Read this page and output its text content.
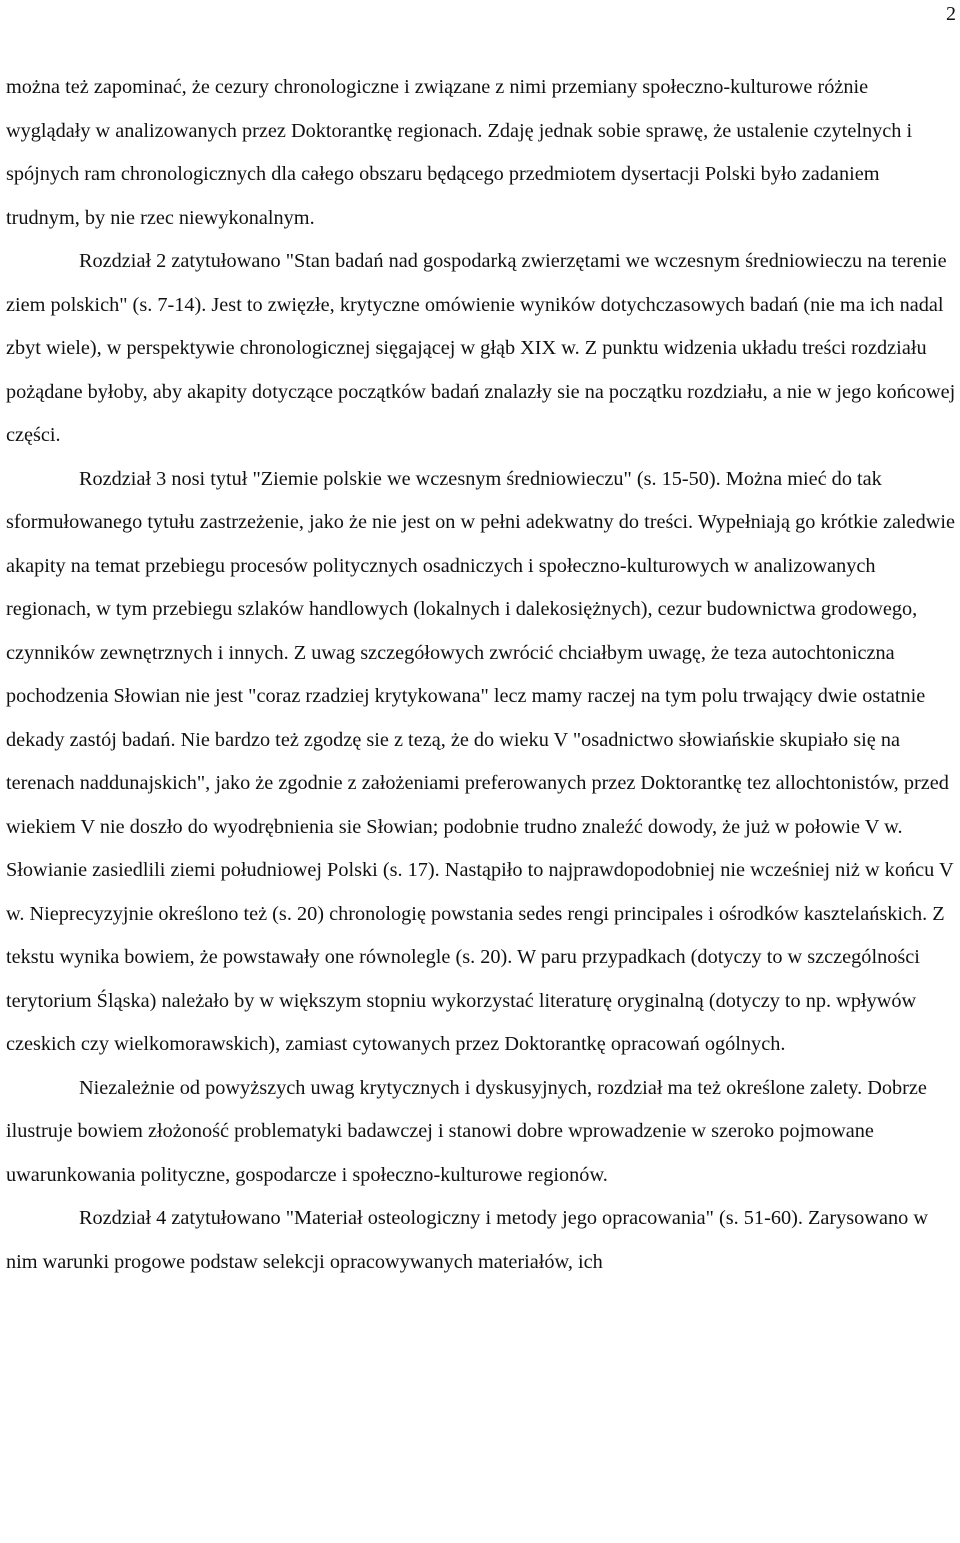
2

można też zapominać, że cezury chronologiczne i związane z nimi przemiany społeczno-kulturowe różnie wyglądały w analizowanych przez Doktorantkę regionach. Zdaję jednak sobie sprawę, że ustalenie czytelnych i spójnych ram chronologicznych dla całego obszaru będącego przedmiotem dysertacji Polski było zadaniem trudnym, by nie rzec niewykonalnym.

Rozdział 2 zatytułowano "Stan badań nad gospodarką zwierzętami we wczesnym średniowieczu na terenie ziem polskich" (s. 7-14). Jest to zwięzłe, krytyczne omówienie wyników dotychczasowych badań (nie ma ich nadal zbyt wiele), w perspektywie chronologicznej sięgającej w głąb XIX w. Z punktu widzenia układu treści rozdziału pożądane byłoby, aby akapity dotyczące początków badań znalazły sie na początku rozdziału, a nie w jego końcowej części.

Rozdział 3 nosi tytuł "Ziemie polskie we wczesnym średniowieczu" (s. 15-50). Można mieć do tak sformułowanego tytułu zastrzeżenie, jako że nie jest on w pełni adekwatny do treści. Wypełniają go krótkie zaledwie akapity na temat przebiegu procesów politycznych osadniczych i społeczno-kulturowych w analizowanych regionach, w tym przebiegu szlaków handlowych (lokalnych i dalekosiężnych), cezur budownictwa grodowego, czynników zewnętrznych i innych. Z uwag szczegółowych zwrócić chciałbym uwagę, że teza autochtoniczna pochodzenia Słowian nie jest "coraz rzadziej krytykowana" lecz mamy raczej na tym polu trwający dwie ostatnie dekady zastój badań. Nie bardzo też zgodzę sie z tezą, że do wieku V "osadnictwo słowiańskie skupiało się na terenach naddunajskich", jako że zgodnie z założeniami preferowanych przez Doktorantkę tez allochtonistów, przed wiekiem V nie doszło do wyodrębnienia sie Słowian; podobnie trudno znaleźć dowody, że już w połowie V w. Słowianie zasiedlili ziemi południowej Polski (s. 17). Nastąpiło to najprawdopodobniej nie wcześniej niż w końcu V w. Nieprecyzyjnie określono też (s. 20) chronologię powstania sedes rengi principales i ośrodków kasztelańskich. Z tekstu wynika bowiem, że powstawały one równolegle (s. 20). W paru przypadkach (dotyczy to w szczególności terytorium Śląska) należało by w większym stopniu wykorzystać literaturę oryginalną (dotyczy to np. wpływów czeskich czy wielkomorawskich), zamiast cytowanych przez Doktorantkę opracowań ogólnych.

Niezależnie od powyższych uwag krytycznych i dyskusyjnych, rozdział ma też określone zalety. Dobrze ilustruje bowiem złożoność problematyki badawczej i stanowi dobre wprowadzenie w szeroko pojmowane uwarunkowania polityczne, gospodarcze i społeczno-kulturowe regionów.

Rozdział 4 zatytułowano "Materiał osteologiczny i metody jego opracowania" (s. 51-60). Zarysowano w nim warunki progowe podstaw selekcji opracowywanych materiałów, ich
